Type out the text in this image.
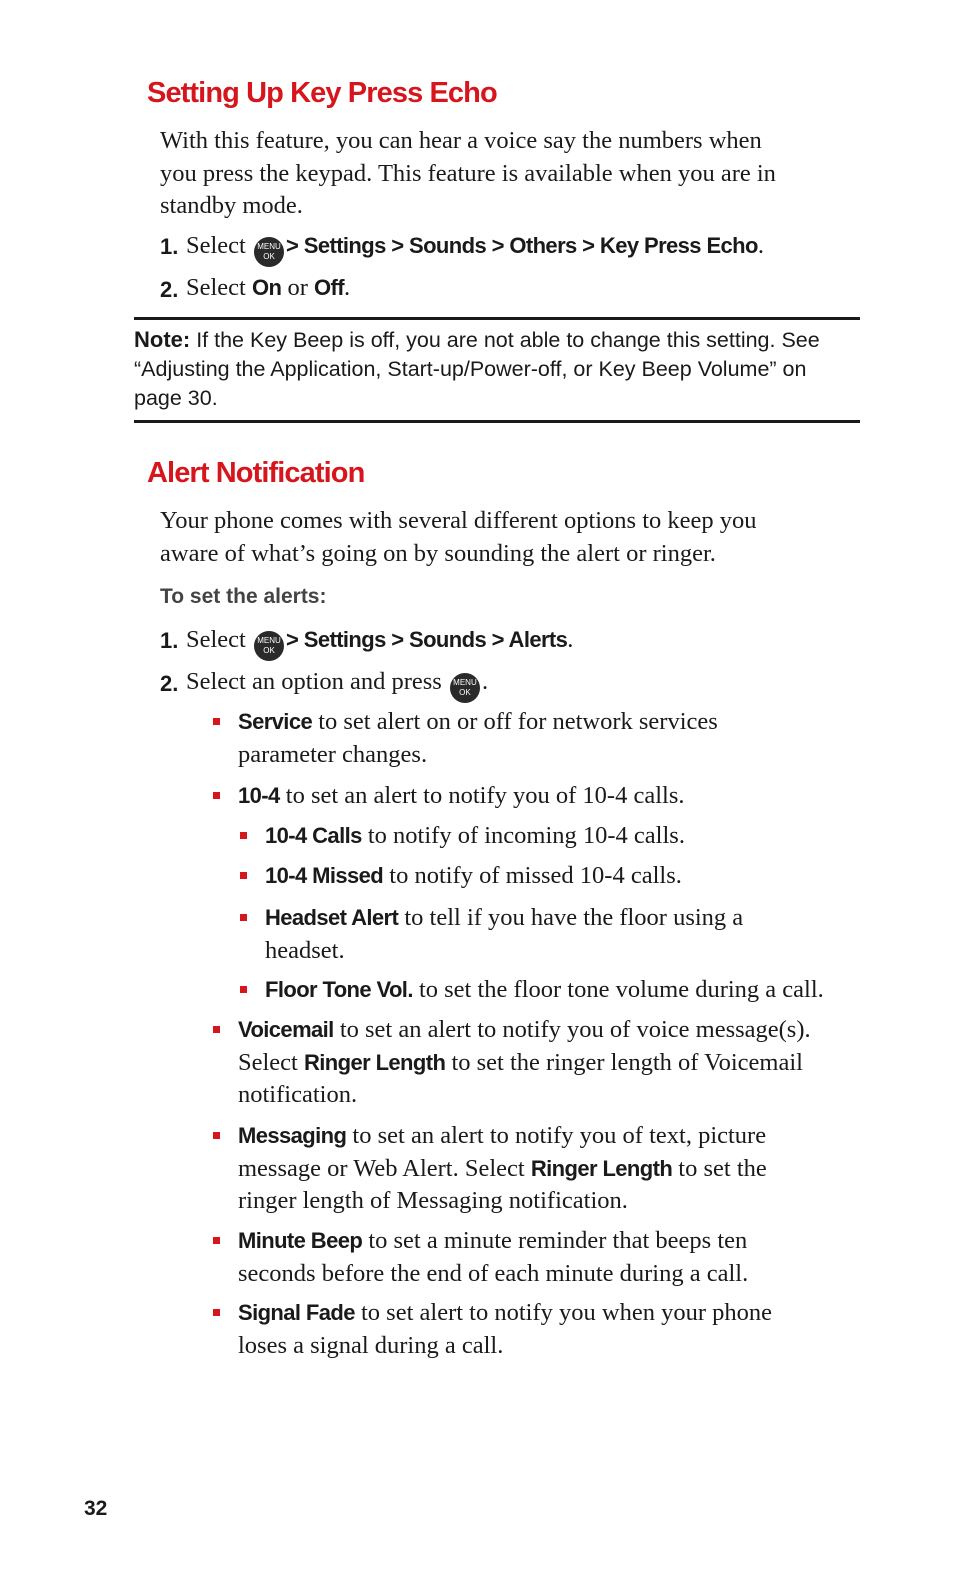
Setting Up Key Press Echo
With this feature, you can hear a voice say the numbers when
you press the keypad. This feature is available when you are in
standby mode.
1. Select MENU
OK > Settings > Sounds > Others > Key Press Echo.
2. Select On or Off.
Note: If the Key Beep is off, you are not able to change this setting. See
“Adjusting the Application, Start-up/Power-off, or Key Beep Volume” on
page 30.
Alert Notification
Your phone comes with several different options to keep you
aware of what’s going on by sounding the alert or ringer.
To set the alerts:
1. Select MENU
OK > Settings > Sounds > Alerts.
2. Select an option and press MENU
OK .
Service to set alert on or off for network services
parameter changes.
10-4 to set an alert to notify you of 10-4 calls.
10-4 Calls to notify of incoming 10-4 calls.
10-4 Missed to notify of missed 10-4 calls.
Headset Alert to tell if you have the floor using a
headset.
Floor Tone Vol. to set the floor tone volume during a call.
Voicemail to set an alert to notify you of voice message(s).
Select Ringer Length to set the ringer length of Voicemail
notification.
Messaging to set an alert to notify you of text, picture
message or Web Alert. Select Ringer Length to set the
ringer length of Messaging notification.
Minute Beep to set a minute reminder that beeps ten
seconds before the end of each minute during a call.
Signal Fade to set alert to notify you when your phone
loses a signal during a call.
32
